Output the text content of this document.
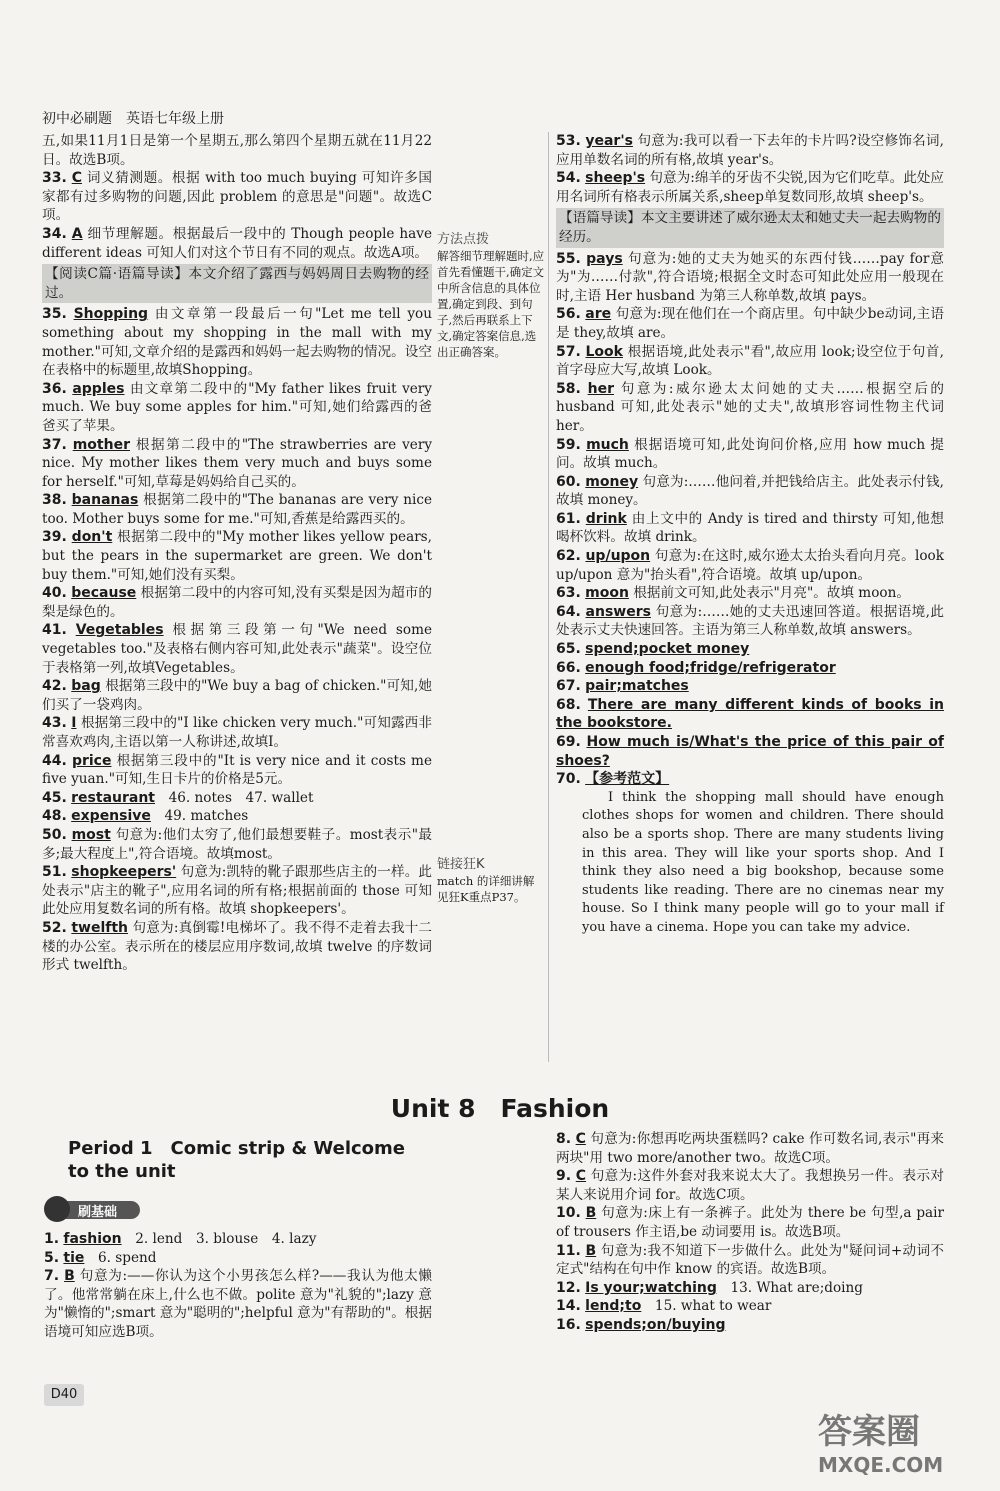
初中必刷题　英语七年级上册

五,如果11月1日是第一个星期五,那么第四个星期五就在11月22日。故选B项。

33. C 词义猜测题。根据 with too much buying 可知许多国家都有过多购物的问题,因此 problem 的意思是"问题"。故选C项。

34. A 细节理解题。根据最后一段中的 Though people have different ideas 可知人们对这个节日有不同的观点。故选A项。

【阅读C篇·语篇导读】本文介绍了露西与妈妈周日去购物的经过。

35. Shopping 由文章第一段最后一句"Let me tell you something about my shopping in the mall with my mother."可知,文章介绍的是露西和妈妈一起去购物的情况。设空在表格中的标题里,故填Shopping。

36. apples 由文章第二段中的"My father likes fruit very much. We buy some apples for him."可知,她们给露西的爸爸买了苹果。

37. mother 根据第二段中的"The strawberries are very nice. My mother likes them very much and buys some for herself."可知,草莓是妈妈给自己买的。

38. bananas 根据第二段中的"The bananas are very nice too. Mother buys some for me."可知,香蕉是给露西买的。

39. don't 根据第二段中的"My mother likes yellow pears, but the pears in the supermarket are green. We don't buy them."可知,她们没有买梨。

40. because 根据第二段中的内容可知,没有买梨是因为超市的梨是绿色的。

41. Vegetables 根据第三段第一句"We need some vegetables too."及表格右侧内容可知,此处表示"蔬菜"。设空位于表格第一列,故填Vegetables。

42. bag 根据第三段中的"We buy a bag of chicken."可知,她们买了一袋鸡肉。

43. I 根据第三段中的"I like chicken very much."可知露西非常喜欢鸡肉,主语以第一人称讲述,故填I。

44. price 根据第三段中的"It is very nice and it costs me five yuan."可知,生日卡片的价格是5元。

45. restaurant　46. notes　47. wallet

48. expensive　49. matches

50. most 句意为:他们太穷了,他们最想要鞋子。most表示"最多;最大程度上",符合语境。故填most。

51. shopkeepers' 句意为:凯特的靴子跟那些店主的一样。此处表示"店主的靴子",应用名词的所有格;根据前面的 those 可知此处应用复数名词的所有格。故填 shopkeepers'。

52. twelfth 句意为:真倒霉!电梯坏了。我不得不走着去我十二楼的办公室。表示所在的楼层应用序数词,故填 twelve 的序数词形式 twelfth。

53. year's 句意为:我可以看一下去年的卡片吗?设空修饰名词,应用单数名词的所有格,故填 year's。

54. sheep's 句意为:绵羊的牙齿不尖锐,因为它们吃草。此处应用名词所有格表示所属关系,sheep单复数同形,故填 sheep's。

【语篇导读】本文主要讲述了威尔逊太太和她丈夫一起去购物的经历。

55. pays 句意为:她的丈夫为她买的东西付钱……pay for意为"为……付款",符合语境;根据全文时态可知此处应用一般现在时,主语 Her husband 为第三人称单数,故填 pays。

56. are 句意为:现在他们在一个商店里。句中缺少be动词,主语是 they,故填 are。

57. Look 根据语境,此处表示"看",故应用 look;设空位于句首,首字母应大写,故填 Look。

58. her 句意为:威尔逊太太问她的丈夫……根据空后的 husband 可知,此处表示"她的丈夫",故填形容词性物主代词 her。

59. much 根据语境可知,此处询问价格,应用 how much 提问。故填 much。

60. money 句意为:……他问着,并把钱给店主。此处表示付钱,故填 money。

61. drink 由上文中的 Andy is tired and thirsty 可知,他想喝杯饮料。故填 drink。

62. up/upon 句意为:在这时,威尔逊太太抬头看向月亮。look up/upon 意为"抬头看",符合语境。故填 up/upon。

63. moon 根据前文可知,此处表示"月亮"。故填 moon。

64. answers 句意为:……她的丈夫迅速回答道。根据语境,此处表示丈夫快速回答。主语为第三人称单数,故填 answers。

65. spend;pocket money

66. enough food;fridge/refrigerator

67. pair;matches

68. There are many different kinds of books in the bookstore.

69. How much is/What's the price of this pair of shoes?

70. 【参考范文】

I think the shopping mall should have enough clothes shops for women and children. There should also be a sports shop. There are many students living in this area. They will like your sports shop. And I think they also need a big bookshop, because some students like reading. There are no cinemas near my house. So I think many people will go to your mall if you have a cinema. Hope you can take my advice.
方法点拨
解答细节理解题时,应首先看懂题干,确定文中所含信息的具体位置,确定到段、到句子,然后再联系上下文,确定答案信息,选出正确答案。
链接狂K
match 的详细讲解见狂K重点P37。
Unit 8　Fashion
Period 1　Comic strip & Welcome to the unit
刷基础

1. fashion　2. lend　3. blouse　4. lazy

5. tie　6. spend

7. B 句意为:——你认为这个小男孩怎么样?——我认为他太懒了。他常常躺在床上,什么也不做。polite 意为"礼貌的";lazy 意为"懒惰的";smart 意为"聪明的";helpful 意为"有帮助的"。根据语境可知应选B项。

8. C 句意为:你想再吃两块蛋糕吗? cake 作可数名词,表示"再来两块"用 two more/another two。故选C项。

9. C 句意为:这件外套对我来说太大了。我想换另一件。表示对某人来说用介词 for。故选C项。

10. B 句意为:床上有一条裤子。此处为 there be 句型,a pair of trousers 作主语,be 动词要用 is。故选B项。

11. B 句意为:我不知道下一步做什么。此处为"疑问词+动词不定式"结构在句中作 know 的宾语。故选B项。

12. Is your;watching　13. What are;doing

14. lend;to　15. what to wear

16. spends;on/buying

D40
答案圈
MXQE.COM
